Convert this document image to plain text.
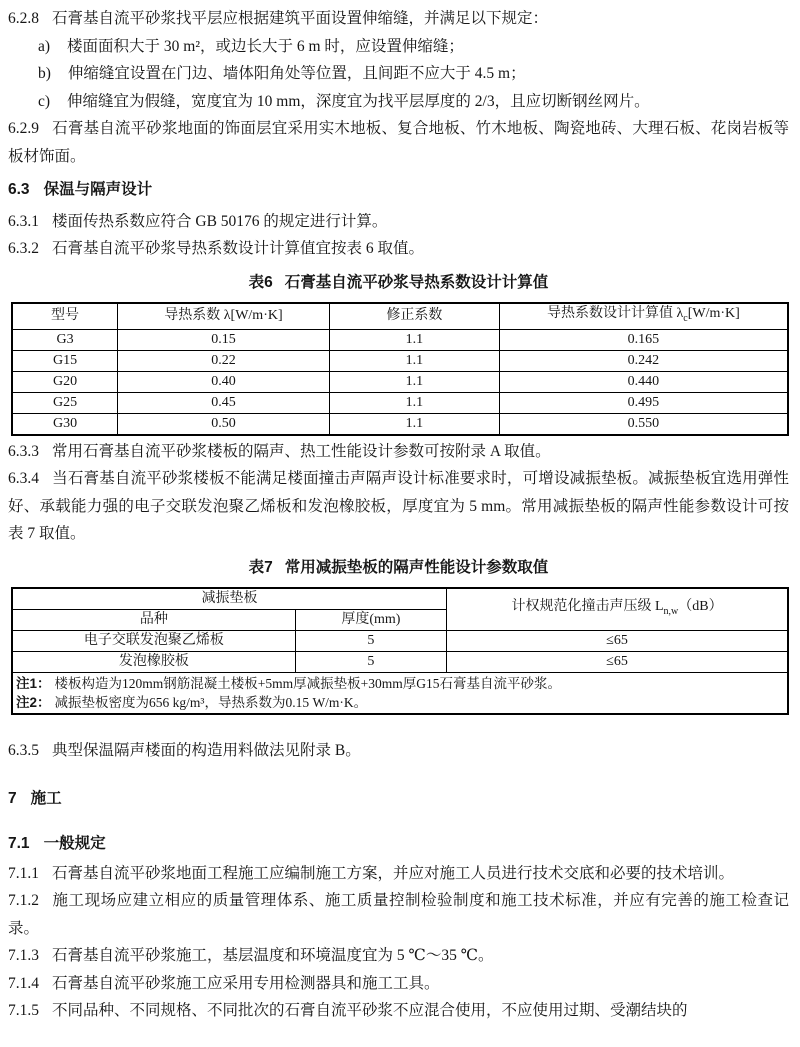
6.2.8 石膏基自流平砂浆找平层应根据建筑平面设置伸缩缝，并满足以下规定：

a) 楼面面积大于 30 m²，或边长大于 6 m 时，应设置伸缩缝；

b) 伸缩缝宜设置在门边、墙体阳角处等位置，且间距不应大于 4.5 m；

c) 伸缩缝宜为假缝，宽度宜为 10 mm，深度宜为找平层厚度的 2/3，且应切断钢丝网片。

6.2.9 石膏基自流平砂浆地面的饰面层宜采用实木地板、复合地板、竹木地板、陶瓷地砖、大理石板、花岗岩板等板材饰面。

6.3 保温与隔声设计

6.3.1 楼面传热系数应符合 GB 50176 的规定进行计算。

6.3.2 石膏基自流平砂浆导热系数设计计算值宜按表 6 取值。

表6 石膏基自流平砂浆导热系数设计计算值

型号	导热系数 λ[W/m·K]	修正系数	导热系数设计计算值 $\lambda_c[W/m\cdot K]$
G3	0.15	1.1	0.165
G15	0.22	1.1	0.242
G20	0.40	1.1	0.440
G25	0.45	1.1	0.495
G30	0.50	1.1	0.550

6.3.3 常用石膏基自流平砂浆楼板的隔声、热工性能设计参数可按附录 A 取值。

6.3.4 当石膏基自流平砂浆楼板不能满足楼面撞击声隔声设计标准要求时，可增设减振垫板。减振垫板宜选用弹性好、承载能力强的电子交联发泡聚乙烯板和发泡橡胶板，厚度宜为 5 mm。常用减振垫板的隔声性能参数设计可按表 7 取值。

表7 常用减振垫板的隔声性能设计参数取值

减振垫板		计权规范化撞击声压级 $L_{n,w}(dB)$
品种	厚度(mm)	
电子交联发泡聚乙烯板	5	≤65
发泡橡胶板	5	≤65

注1： 楼板构造为120mm钢筋混凝土楼板+5mm厚减振垫板+30mm厚G15石膏基自流平砂浆。

注2： 减振垫板密度为656 kg/m³，导热系数为0.15 W/m·K。		

6.3.5 典型保温隔声楼面的构造用料做法见附录 B。

7 施工

7.1 一般规定

7.1.1 石膏基自流平砂浆地面工程施工应编制施工方案，并应对施工人员进行技术交底和必要的技术培训。

7.1.2 施工现场应建立相应的质量管理体系、施工质量控制检验制度和施工技术标准，并应有完善的施工检查记录。

7.1.3 石膏基自流平砂浆施工，基层温度和环境温度宜为 5 ℃～35 ℃。

7.1.4 石膏基自流平砂浆施工应采用专用检测器具和施工工具。

7.1.5 不同品种、不同规格、不同批次的石膏自流平砂浆不应混合使用，不应使用过期、受潮结块的
